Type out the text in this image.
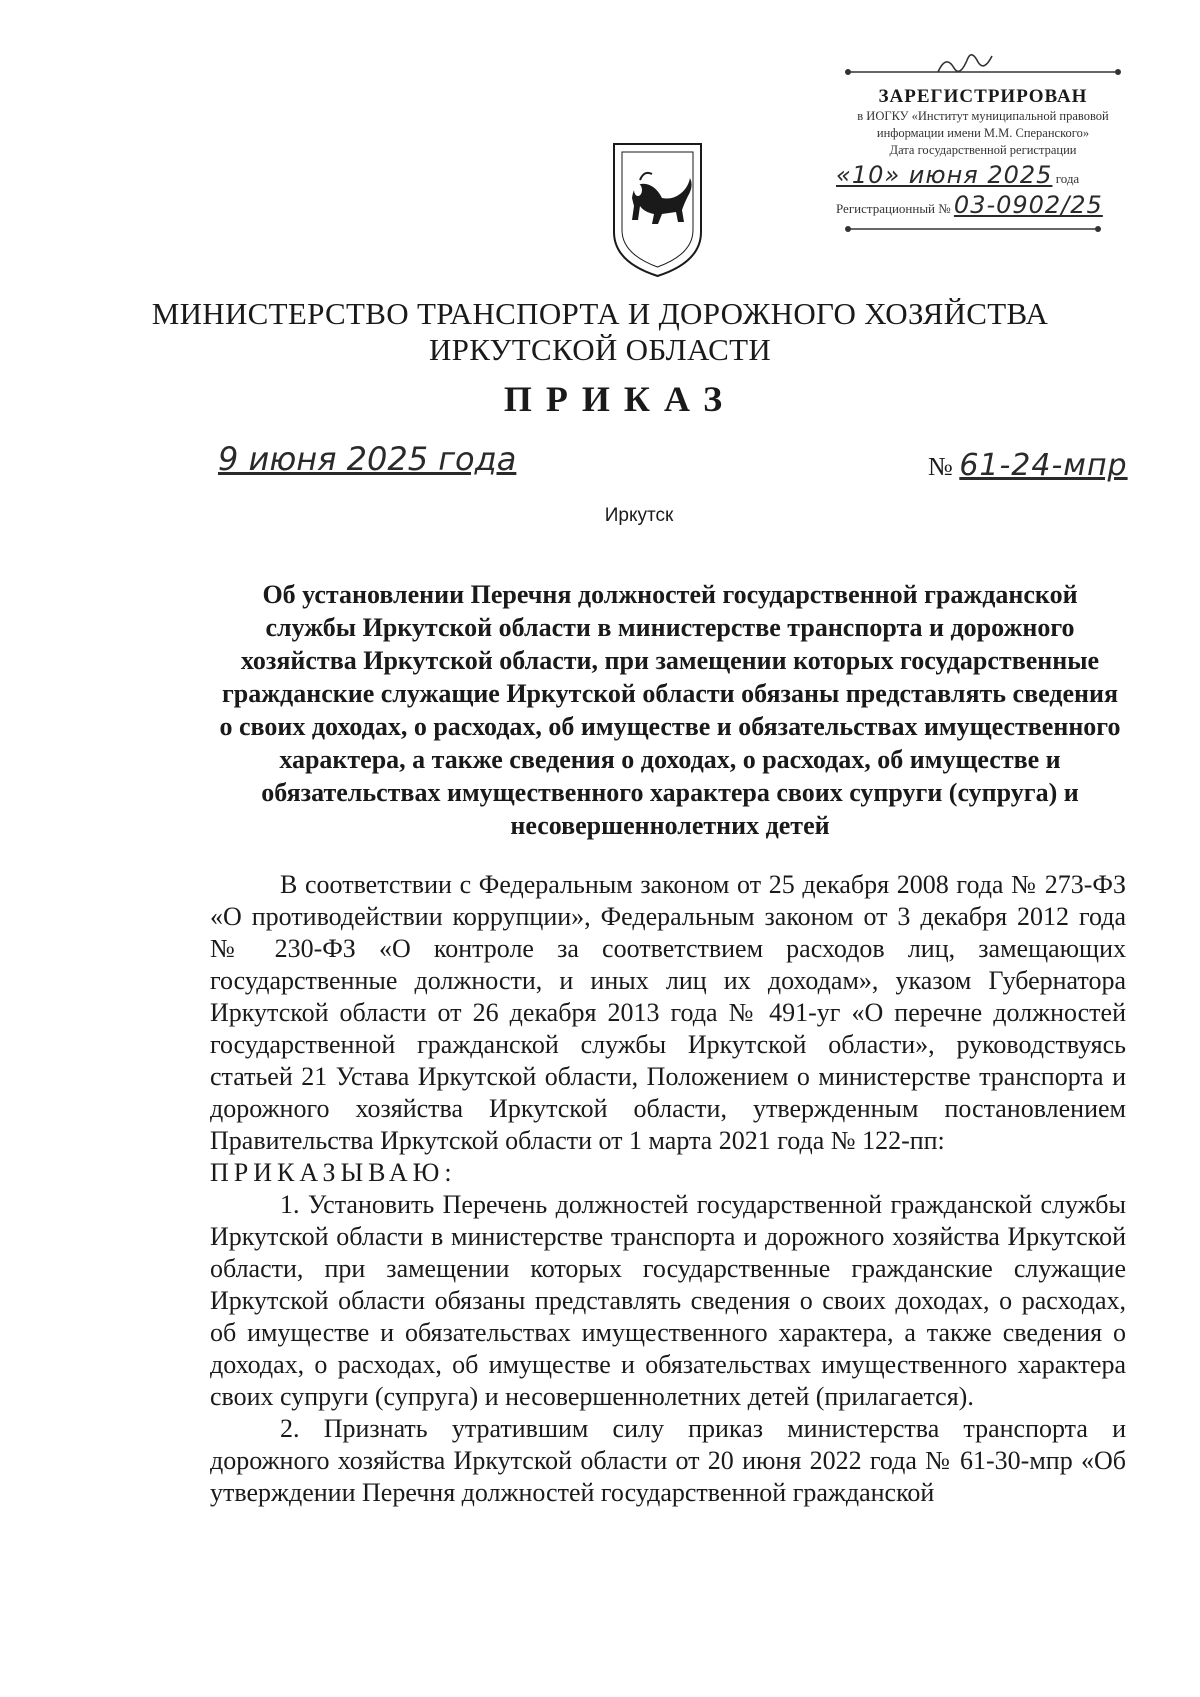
ЗАРЕГИСТРИРОВАН
в ИОГКУ «Институт муниципальной правовой
информации имени М.М. Сперанского»
Дата государственной регистрации
«10» июня 2025 года
Регистрационный № 03-0902/25
МИНИСТЕРСТВО ТРАНСПОРТА И ДОРОЖНОГО ХОЗЯЙСТВА
ИРКУТСКОЙ ОБЛАСТИ
ПРИКАЗ
9 июня 2025 года	№ 61-24-мпр
Иркутск
Об установлении Перечня должностей государственной гражданской службы Иркутской области в министерстве транспорта и дорожного хозяйства Иркутской области, при замещении которых государственные гражданские служащие Иркутской области обязаны представлять сведения о своих доходах, о расходах, об имуществе и обязательствах имущественного характера, а также сведения о доходах, о расходах, об имуществе и обязательствах имущественного характера своих супруги (супруга) и несовершеннолетних детей

В соответствии с Федеральным законом от 25 декабря 2008 года № 273-ФЗ «О противодействии коррупции», Федеральным законом от 3 декабря 2012 года № 230-ФЗ «О контроле за соответствием расходов лиц, замещающих государственные должности, и иных лиц их доходам», указом Губернатора Иркутской области от 26 декабря 2013 года № 491-уг «О перечне должностей государственной гражданской службы Иркутской области», руководствуясь статьей 21 Устава Иркутской области, Положением о министерстве транспорта и дорожного хозяйства Иркутской области, утвержденным постановлением Правительства Иркутской области от 1 марта 2021 года № 122-пп:

ПРИКАЗЫВАЮ:

1. Установить Перечень должностей государственной гражданской службы Иркутской области в министерстве транспорта и дорожного хозяйства Иркутской области, при замещении которых государственные гражданские служащие Иркутской области обязаны представлять сведения о своих доходах, о расходах, об имуществе и обязательствах имущественного характера, а также сведения о доходах, о расходах, об имуществе и обязательствах имущественного характера своих супруги (супруга) и несовершеннолетних детей (прилагается).

2. Признать утратившим силу приказ министерства транспорта и дорожного хозяйства Иркутской области от 20 июня 2022 года № 61-30-мпр «Об утверждении Перечня должностей государственной гражданской
